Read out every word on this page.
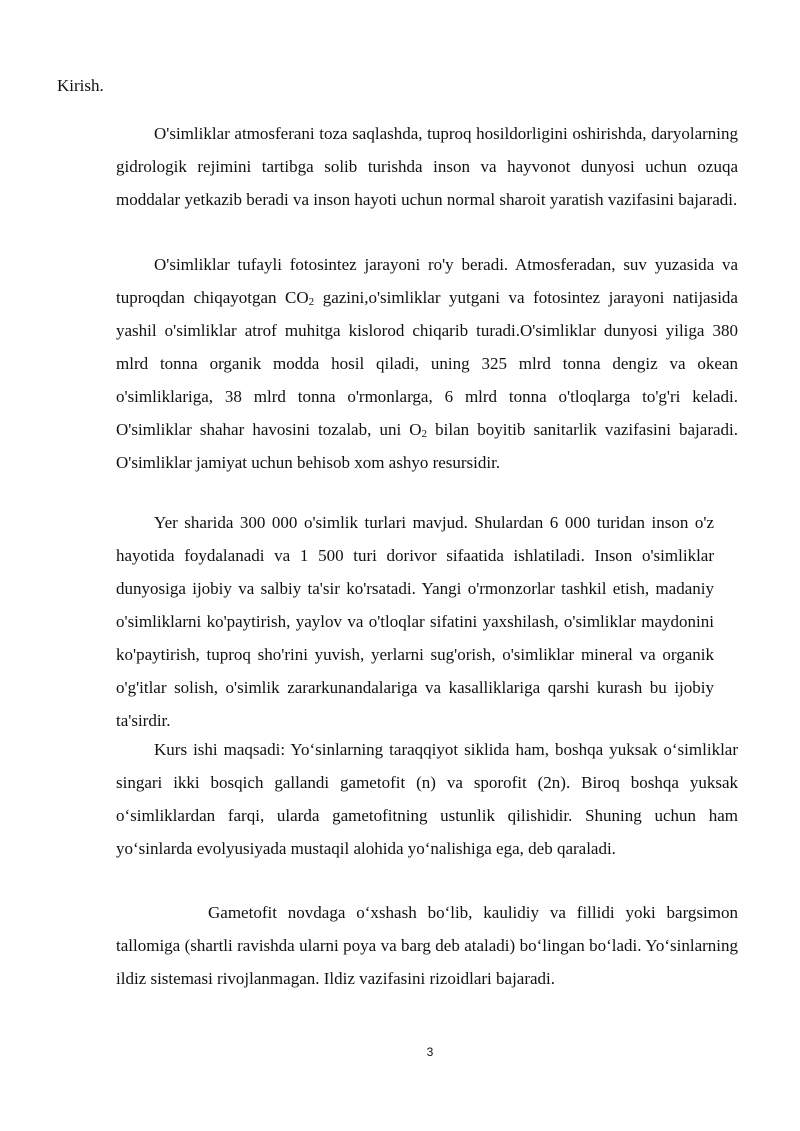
Kirish.

O'simliklar atmosferani toza saqlashda, tuproq hosildorligini oshirishda, daryolarning gidrologik rejimini tartibga solib turishda inson va hayvonot dunyosi uchun ozuqa moddalar yetkazib beradi va inson hayoti uchun normal sharoit yaratish vazifasini bajaradi.

O'simliklar tufayli fotosintez jarayoni ro'y beradi. Atmosferadan, suv yuzasida va tuproqdan chiqayotgan $CO_2$ gazini,o'simliklar yutgani va fotosintez jarayoni natijasida yashil o'simliklar atrof muhitga kislorod chiqarib turadi.O'simliklar dunyosi yiliga 380 mlrd tonna organik modda hosil qiladi, uning 325 mlrd tonna dengiz va okean o'simliklariga, 38 mlrd tonna o'rmonlarga, 6 mlrd tonna o'tloqlarga to'g'ri keladi. O'simliklar shahar havosini tozalab, uni $O_2$ bilan boyitib sanitarlik vazifasini bajaradi. O'simliklar jamiyat uchun behisob xom ashyo resursidir.

Yer sharida 300 000 o'simlik turlari mavjud. Shulardan 6 000 turidan inson o'z hayotida foydalanadi va 1 500 turi dorivor sifaatida ishlatiladi. Inson o'simliklar dunyosiga ijobiy va salbiy ta'sir ko'rsatadi. Yangi o'rmonzorlar tashkil etish, madaniy o'simliklarni ko'paytirish, yaylov va o'tloqlar sifatini yaxshilash, o'simliklar maydonini ko'paytirish, tuproq sho'rini yuvish, yerlarni sug'orish, o'simliklar mineral va organik o'g'itlar solish, o'simlik zararkunandalariga va kasalliklariga qarshi kurash bu ijobiy ta'sirdir.

Kurs ishi maqsadi: Yo‘sinlarning taraqqiyot siklida ham, boshqa yuksak o‘simliklar singari ikki bosqich gallandi gametofit (n) va sporofit (2n). Biroq boshqa yuksak o‘simliklardan farqi, ularda gametofitning ustunlik qilishidir. Shuning uchun ham yo‘sinlarda evolyusiyada mustaqil alohida yo‘nalishiga ega, deb qaraladi.

Gametofit novdaga o‘xshash bo‘lib, kaulidiy va fillidi yoki bargsimon tallomiga (shartli ravishda ularni poya va barg deb ataladi) bo‘lingan bo‘ladi. Yo‘sinlarning ildiz sistemasi rivojlanmagan. Ildiz vazifasini rizoidlari bajaradi.

3
